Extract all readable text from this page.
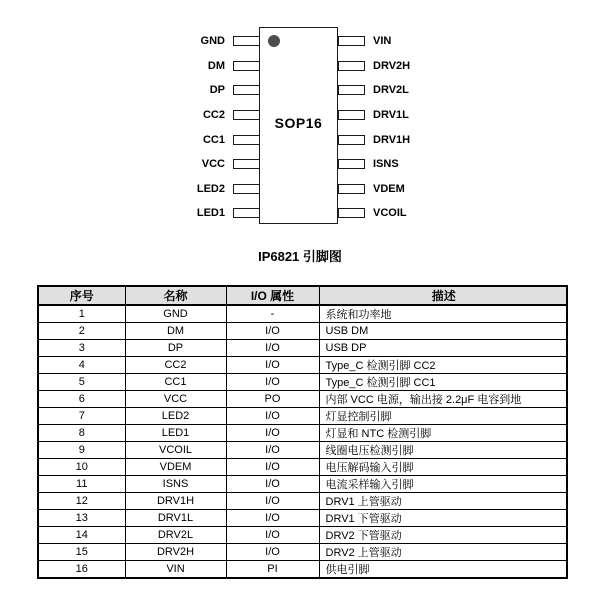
SOP16
GND
DM
DP
CC2
CC1
VCC
LED2
LED1
VIN
DRV2H
DRV2L
DRV1L
DRV1H
ISNS
VDEM
VCOIL
IP6821 引脚图
序号	名称	I/O 属性	描述
1	GND	-	系统和功率地
2	DM	I/O	USB DM
3	DP	I/O	USB DP
4	CC2	I/O	Type_C 检测引脚 CC2
5	CC1	I/O	Type_C 检测引脚 CC1
6	VCC	PO	内部 VCC 电源，输出接 2.2μF 电容到地
7	LED2	I/O	灯显控制引脚
8	LED1	I/O	灯显和 NTC 检测引脚
9	VCOIL	I/O	线圈电压检测引脚
10	VDEM	I/O	电压解码输入引脚
11	ISNS	I/O	电流采样输入引脚
12	DRV1H	I/O	DRV1 上管驱动
13	DRV1L	I/O	DRV1 下管驱动
14	DRV2L	I/O	DRV2 下管驱动
15	DRV2H	I/O	DRV2 上管驱动
16	VIN	PI	供电引脚
